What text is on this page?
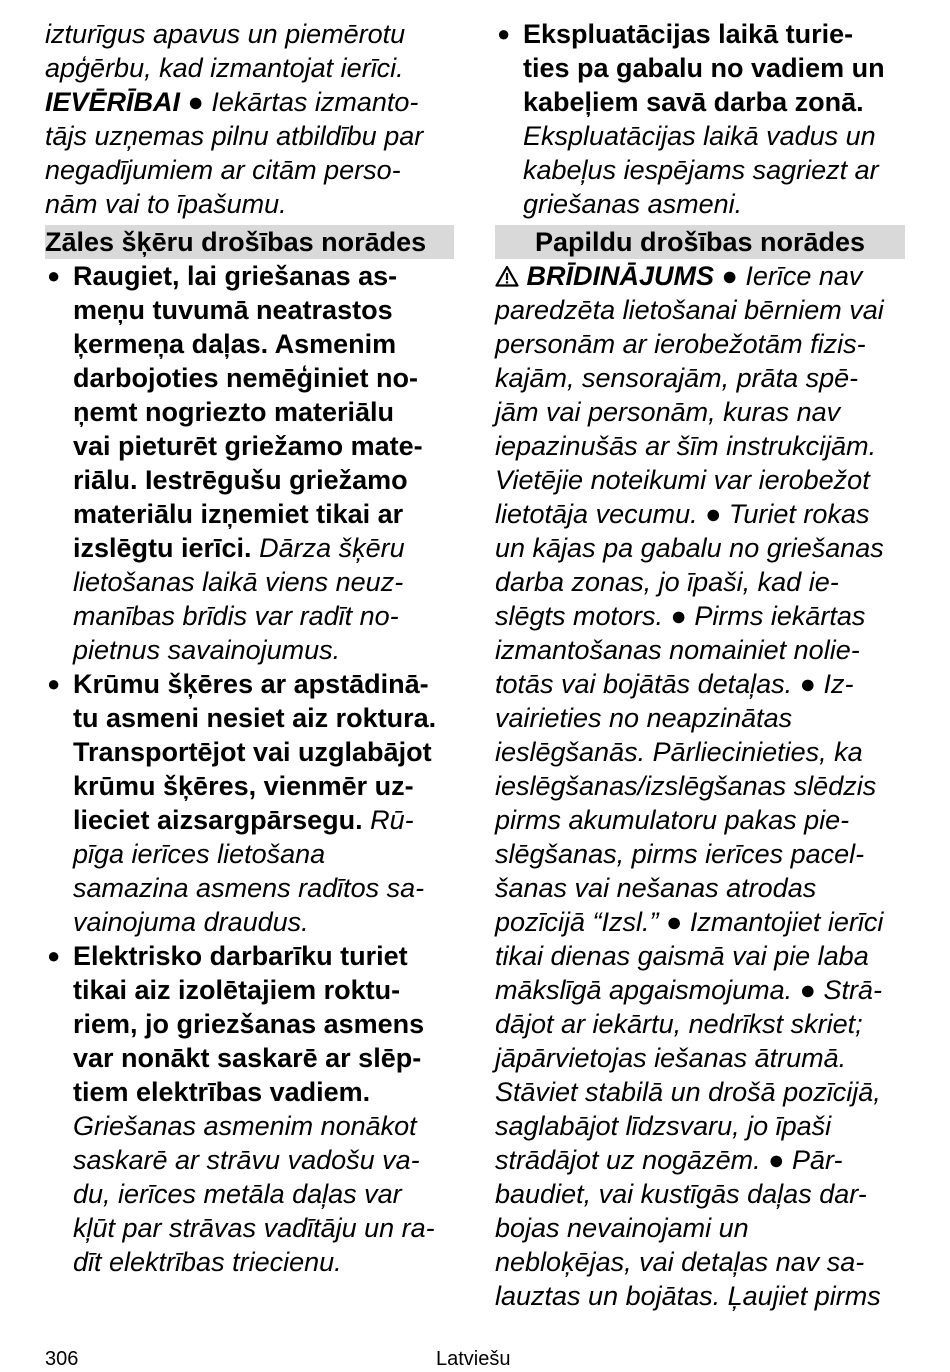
izturīgus apavus un piemērotu
apģērbu, kad izmantojat ierīci.
IEVĒRĪBAI ● Iekārtas izmanto-
tājs uzņemas pilnu atbildību par
negadījumiem ar citām perso-
nām vai to īpašumu.
Zāles šķēru drošības norādes
● Raugiet, lai griešanas as-
meņu tuvumā neatrastos
ķermeņa daļas. Asmenim
darbojoties nemēģiniet no-
ņemt nogriezto materiālu
vai pieturēt griežamo mate-
riālu. Iestrēgušu griežamo
materiālu izņemiet tikai ar
izslēgtu ierīci. Dārza šķēru
lietošanas laikā viens neuz-
manības brīdis var radīt no-
pietnus savainojumus.
● Krūmu šķēres ar apstādinā-
tu asmeni nesiet aiz roktura.
Transportējot vai uzglabājot
krūmu šķēres, vienmēr uz-
lieciet aizsargpārsegu. Rū-
pīga ierīces lietošana
samazina asmens radītos sa-
vainojuma draudus.
● Elektrisko darbarīku turiet
tikai aiz izolētajiem roktu-
riem, jo griezšanas asmens
var nonākt saskarē ar slēp-
tiem elektrības vadiem.
Griešanas asmenim nonākot
saskarē ar strāvu vadošu va-
du, ierīces metāla daļas var
kļūt par strāvas vadītāju un ra-
dīt elektrības triecienu.
● Ekspluatācijas laikā turie-
ties pa gabalu no vadiem un
kabeļiem savā darba zonā.
Ekspluatācijas laikā vadus un
kabeļus iespējams sagriezt ar
griešanas asmeni.
Papildu drošības norādes
BRĪDINĀJUMS ● Ierīce nav
paredzēta lietošanai bērniem vai
personām ar ierobežotām fizis-
kajām, sensorajām, prāta spē-
jām vai personām, kuras nav
iepazinušās ar šīm instrukcijām.
Vietējie noteikumi var ierobežot
lietotāja vecumu. ● Turiet rokas
un kājas pa gabalu no griešanas
darba zonas, jo īpaši, kad ie-
slēgts motors. ● Pirms iekārtas
izmantošanas nomainiet nolie-
totās vai bojātās detaļas. ● Iz-
vairieties no neapzinātas
ieslēgšanās. Pārliecinieties, ka
ieslēgšanas/izslēgšanas slēdzis
pirms akumulatoru pakas pie-
slēgšanas, pirms ierīces pacel-
šanas vai nešanas atrodas
pozīcijā “Izsl.” ● Izmantojiet ierīci
tikai dienas gaismā vai pie laba
mākslīgā apgaismojuma. ● Strā-
dājot ar iekārtu, nedrīkst skriet;
jāpārvietojas iešanas ātrumā.
Stāviet stabilā un drošā pozīcijā,
saglabājot līdzsvaru, jo īpaši
strādājot uz nogāzēm. ● Pār-
baudiet, vai kustīgās daļas dar-
bojas nevainojami un
nebloķējas, vai detaļas nav sa-
lauztas un bojātas. Ļaujiet pirms
306	Latviešu
